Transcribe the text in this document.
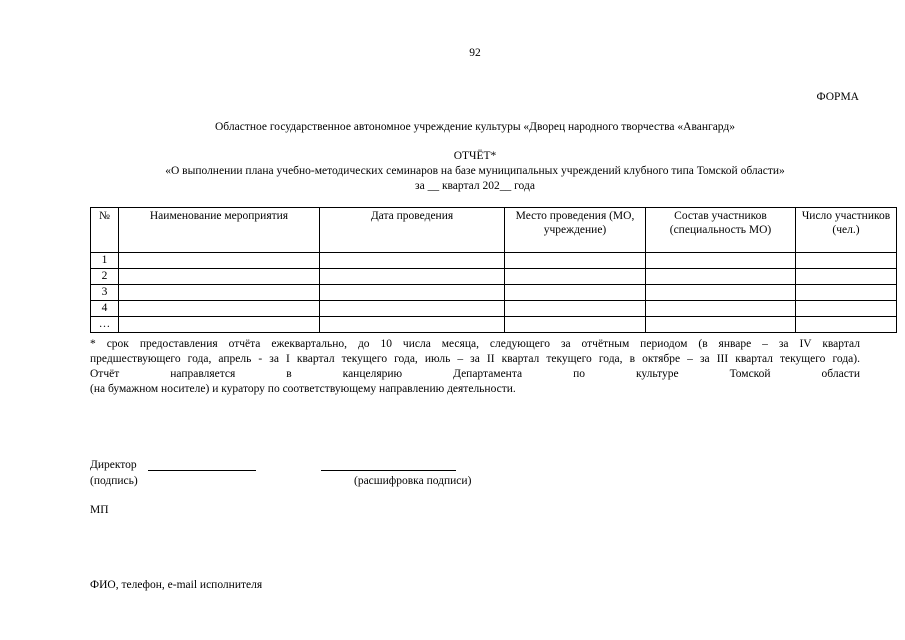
92
ФОРМА
Областное государственное автономное учреждение культуры «Дворец народного творчества «Авангард»
ОТЧЁТ*
«О выполнении плана учебно-методических семинаров на базе муниципальных учреждений клубного типа Томской области»
за __ квартал 202__ года
№	Наименование мероприятия	Дата проведения	Место проведения (МО, учреждение)	Состав участников (специальность МО)	Число участников (чел.)
1					
2					
3					
4					
…					

* срок предоставления отчёта ежеквартально, до 10 числа месяца, следующего за отчётным периодом (в январе – за IV квартал

предшествующего года, апрель - за I квартал текущего года, июль – за II квартал текущего года, в октябре – за III квартал текущего года).

Отчёт направляется в канцелярию Департамента по культуре Томской области

(на бумажном носителе) и куратору по соответствующему направлению деятельности.

Директор
(подпись)	(расшифровка подписи)
МП
ФИО, телефон, e-mail исполнителя
